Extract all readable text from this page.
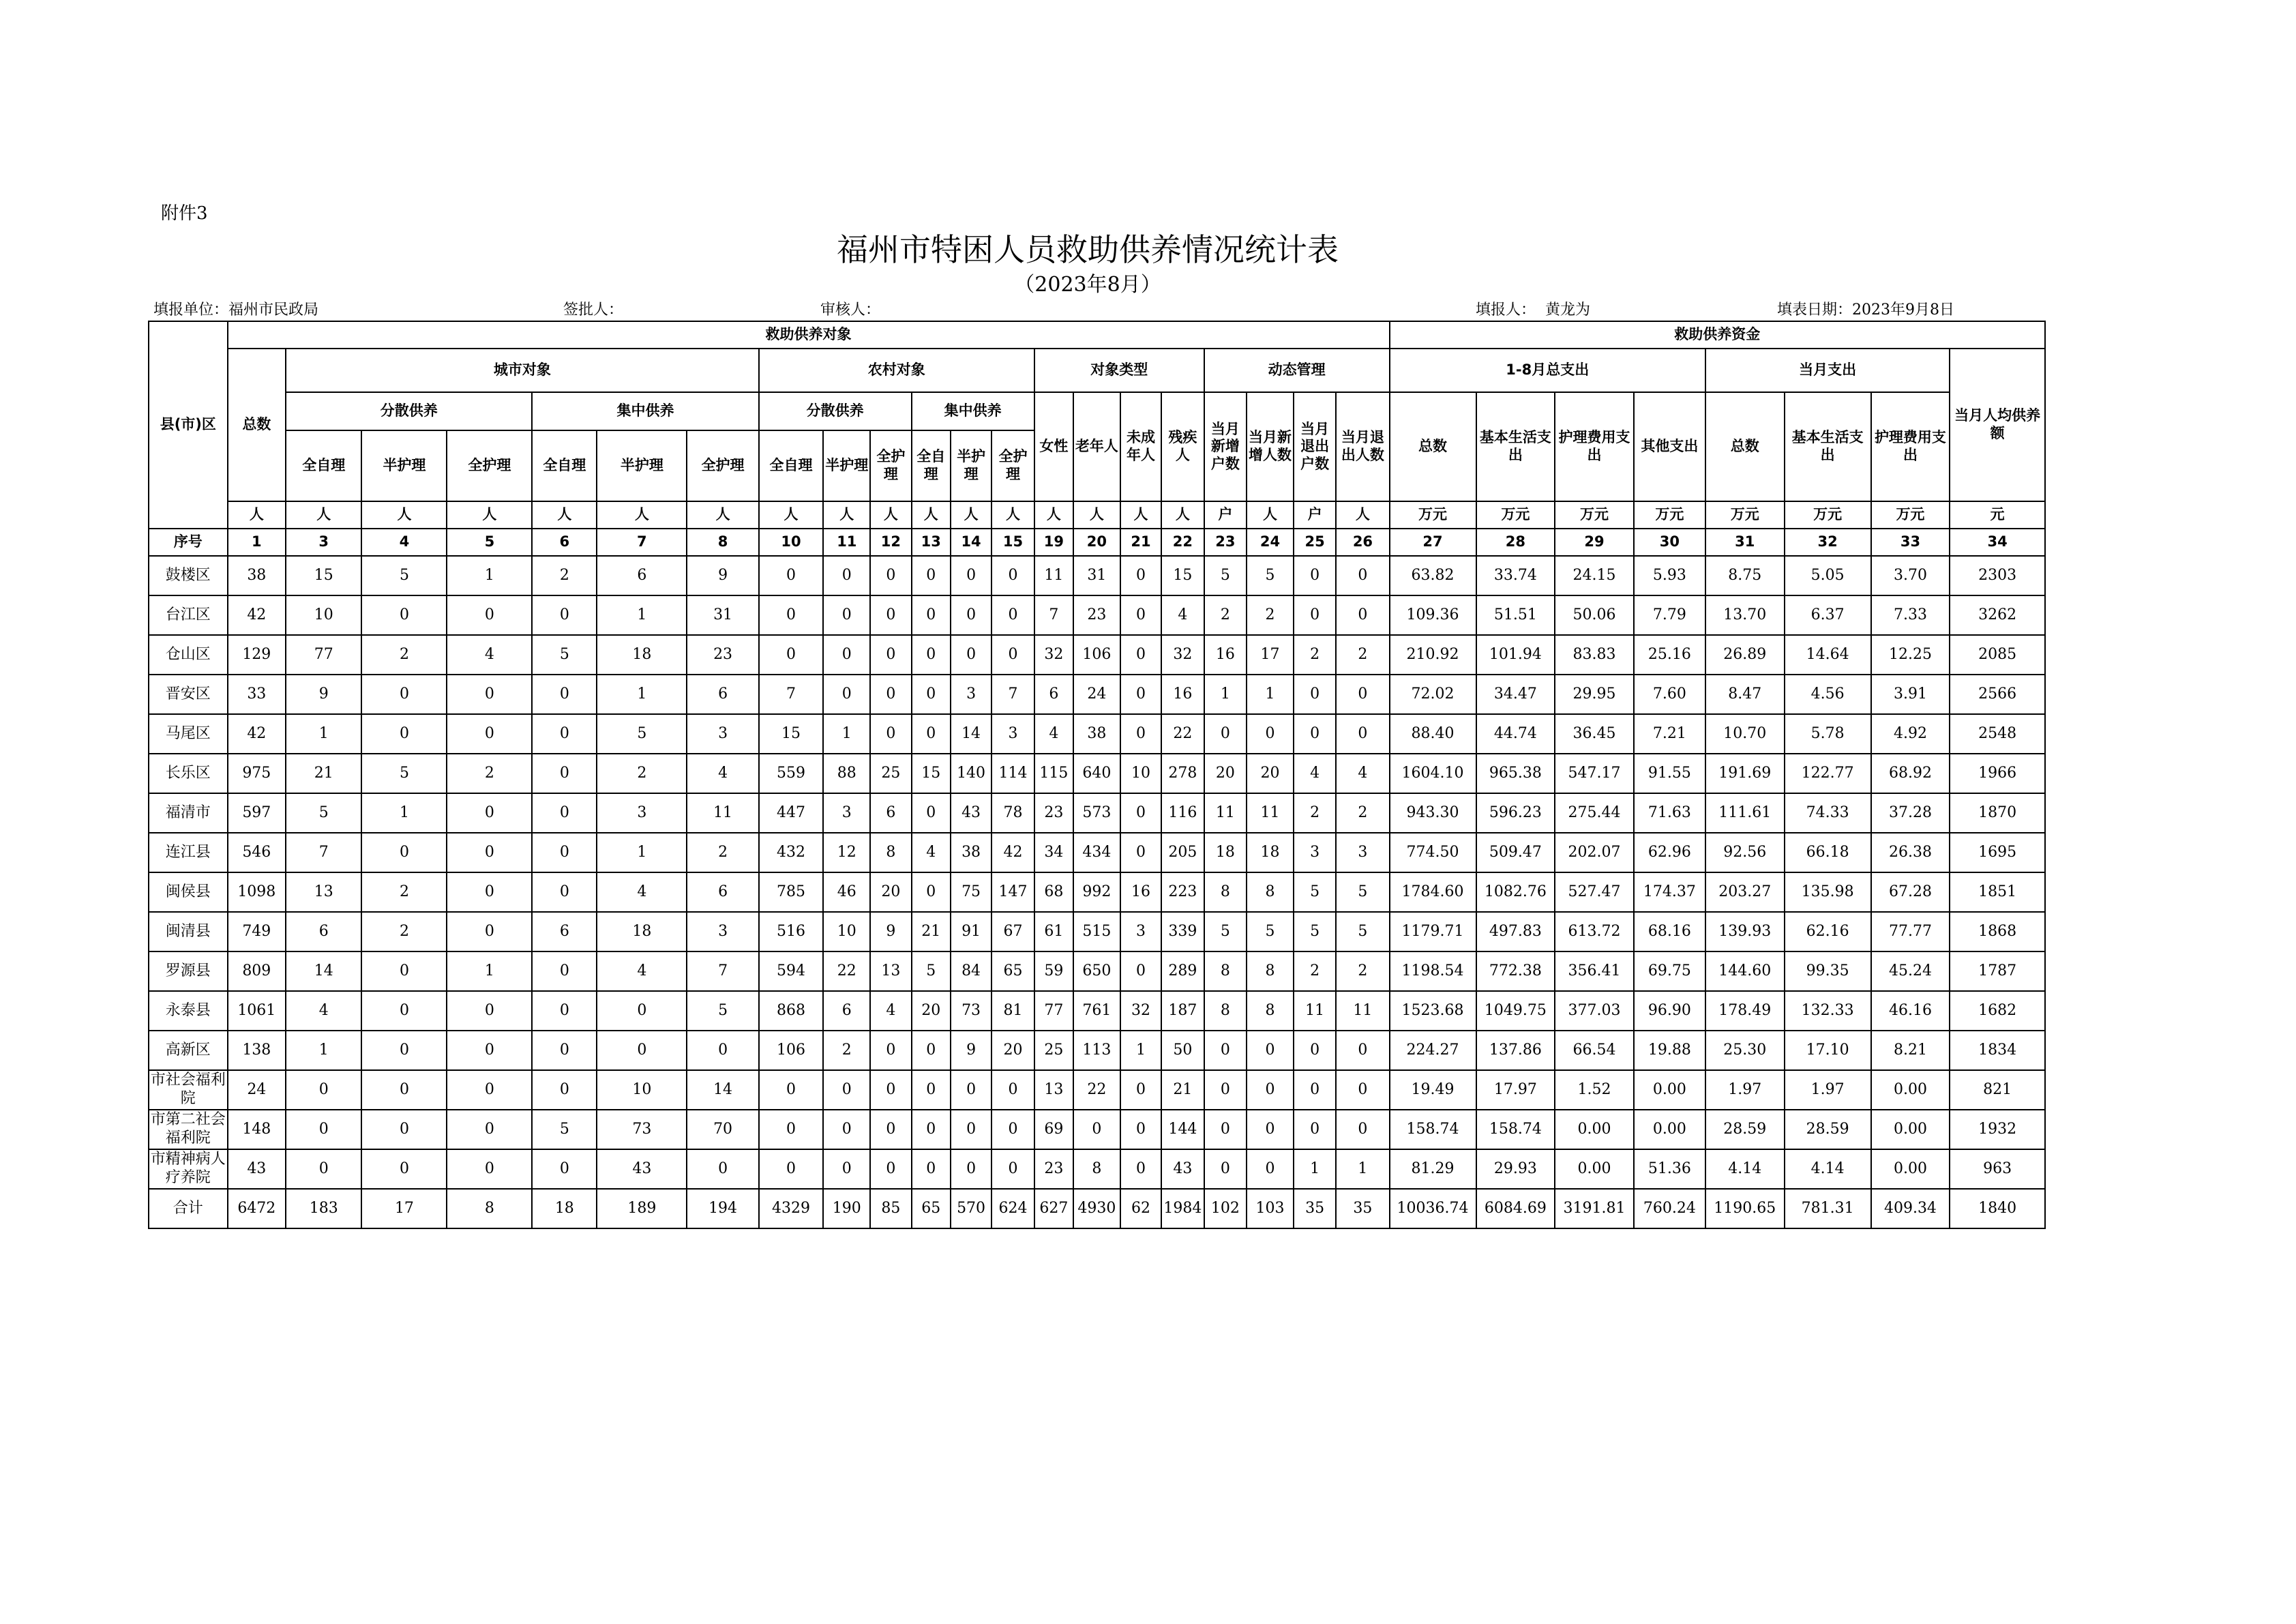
附件3
福州市特困人员救助供养情况统计表
（2023年8月）
填报单位：福州市民政局	签批人：	审核人：	填报人： 黄龙为	填表日期：2023年9月8日
县(市)区	救助供养对象																					救助供养资金							
	总数	城市对象						农村对象						对象类型				动态管理				1-8月总支出				当月支出			当月人均供养额
		分散供养			集中供养			分散供养			集中供养			女性	老年人	未成年人	残疾人	当月新增户数	当月新增人数	当月退出户数	当月退出人数	总数	基本生活支出	护理费用支出	其他支出	总数	基本生活支出	护理费用支出	
		全自理	半护理	全护理	全自理	半护理	全护理	全自理	半护理	全护理	全自理	半护理	全护理																
	人	人	人	人	人	人	人	人	人	人	人	人	人	人	人	人	人	户	人	户	人	万元	万元	万元	万元	万元	万元	万元	元
序号	1	3	4	5	6	7	8	10	11	12	13	14	15	19	20	21	22	23	24	25	26	27	28	29	30	31	32	33	34
鼓楼区	38	15	5	1	2	6	9	0	0	0	0	0	0	11	31	0	15	5	5	0	0	63.82	33.74	24.15	5.93	8.75	5.05	3.70	2303
台江区	42	10	0	0	0	1	31	0	0	0	0	0	0	7	23	0	4	2	2	0	0	109.36	51.51	50.06	7.79	13.70	6.37	7.33	3262
仓山区	129	77	2	4	5	18	23	0	0	0	0	0	0	32	106	0	32	16	17	2	2	210.92	101.94	83.83	25.16	26.89	14.64	12.25	2085
晋安区	33	9	0	0	0	1	6	7	0	0	0	3	7	6	24	0	16	1	1	0	0	72.02	34.47	29.95	7.60	8.47	4.56	3.91	2566
马尾区	42	1	0	0	0	5	3	15	1	0	0	14	3	4	38	0	22	0	0	0	0	88.40	44.74	36.45	7.21	10.70	5.78	4.92	2548
长乐区	975	21	5	2	0	2	4	559	88	25	15	140	114	115	640	10	278	20	20	4	4	1604.10	965.38	547.17	91.55	191.69	122.77	68.92	1966
福清市	597	5	1	0	0	3	11	447	3	6	0	43	78	23	573	0	116	11	11	2	2	943.30	596.23	275.44	71.63	111.61	74.33	37.28	1870
连江县	546	7	0	0	0	1	2	432	12	8	4	38	42	34	434	0	205	18	18	3	3	774.50	509.47	202.07	62.96	92.56	66.18	26.38	1695
闽侯县	1098	13	2	0	0	4	6	785	46	20	0	75	147	68	992	16	223	8	8	5	5	1784.60	1082.76	527.47	174.37	203.27	135.98	67.28	1851
闽清县	749	6	2	0	6	18	3	516	10	9	21	91	67	61	515	3	339	5	5	5	5	1179.71	497.83	613.72	68.16	139.93	62.16	77.77	1868
罗源县	809	14	0	1	0	4	7	594	22	13	5	84	65	59	650	0	289	8	8	2	2	1198.54	772.38	356.41	69.75	144.60	99.35	45.24	1787
永泰县	1061	4	0	0	0	0	5	868	6	4	20	73	81	77	761	32	187	8	8	11	11	1523.68	1049.75	377.03	96.90	178.49	132.33	46.16	1682
高新区	138	1	0	0	0	0	0	106	2	0	0	9	20	25	113	1	50	0	0	0	0	224.27	137.86	66.54	19.88	25.30	17.10	8.21	1834
市社会福利院	24	0	0	0	0	10	14	0	0	0	0	0	0	13	22	0	21	0	0	0	0	19.49	17.97	1.52	0.00	1.97	1.97	0.00	821
市第二社会福利院	148	0	0	0	5	73	70	0	0	0	0	0	0	69	0	0	144	0	0	0	0	158.74	158.74	0.00	0.00	28.59	28.59	0.00	1932
市精神病人疗养院	43	0	0	0	0	43	0	0	0	0	0	0	0	23	8	0	43	0	0	1	1	81.29	29.93	0.00	51.36	4.14	4.14	0.00	963
合计	6472	183	17	8	18	189	194	4329	190	85	65	570	624	627	4930	62	1984	102	103	35	35	10036.74	6084.69	3191.81	760.24	1190.65	781.31	409.34	1840
